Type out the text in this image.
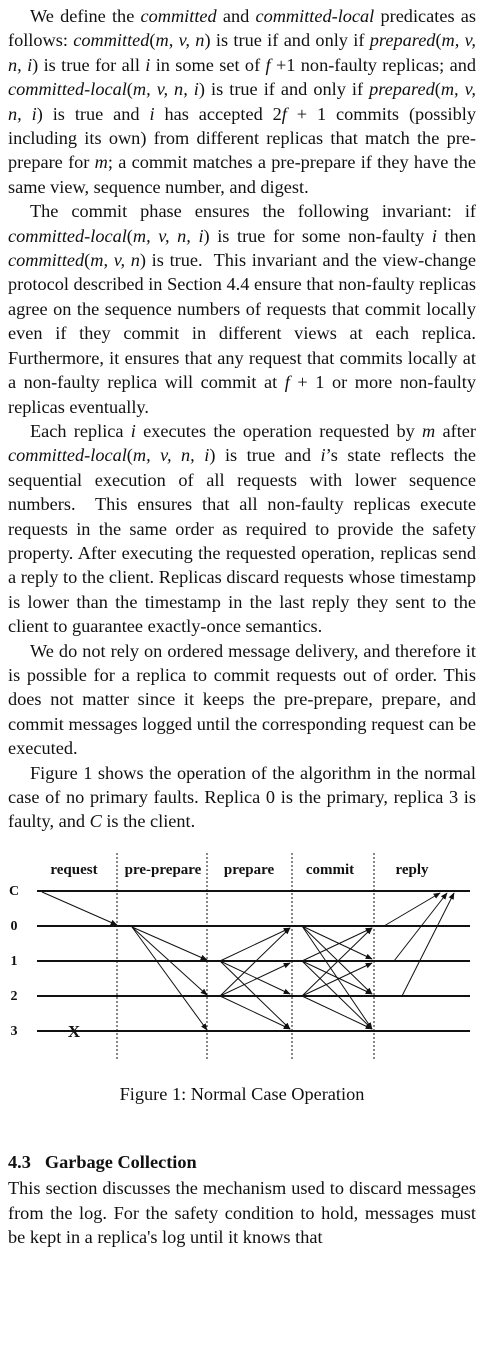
We define the committed and committed-local predicates as follows: committed(m, v, n) is true if and only if prepared(m, v, n, i) is true for all i in some set of f +1 non-faulty replicas; and committed-local(m, v, n, i) is true if and only if prepared(m, v, n, i) is true and i has accepted 2f + 1 commits (possibly including its own) from different replicas that match the pre-prepare for m; a commit matches a pre-prepare if they have the same view, sequence number, and digest.

The commit phase ensures the following invariant: if committed-local(m, v, n, i) is true for some non-faulty i then committed(m, v, n) is true.  This invariant and the view-change protocol described in Section 4.4 ensure that non-faulty replicas agree on the sequence numbers of requests that commit locally even if they commit in different views at each replica. Furthermore, it ensures that any request that commits locally at a non-faulty replica will commit at f + 1 or more non-faulty replicas eventually.

Each replica i executes the operation requested by m after committed-local(m, v, n, i) is true and i’s state reflects the sequential execution of all requests with lower sequence numbers.  This ensures that all non-faulty replicas execute requests in the same order as required to provide the safety property. After executing the requested operation, replicas send a reply to the client. Replicas discard requests whose timestamp is lower than the timestamp in the last reply they sent to the client to guarantee exactly-once semantics.

We do not rely on ordered message delivery, and therefore it is possible for a replica to commit requests out of order. This does not matter since it keeps the pre-prepare, prepare, and commit messages logged until the corresponding request can be executed.

Figure 1 shows the operation of the algorithm in the normal case of no primary faults. Replica 0 is the primary, replica 3 is faulty, and C is the client.

request pre-prepare prepare commit	reply
C
0
1
2
3	X
Figure 1: Normal Case Operation
4.3 Garbage Collection

This section discusses the mechanism used to discard messages from the log. For the safety condition to hold, messages must be kept in a replica's log until it knows that
